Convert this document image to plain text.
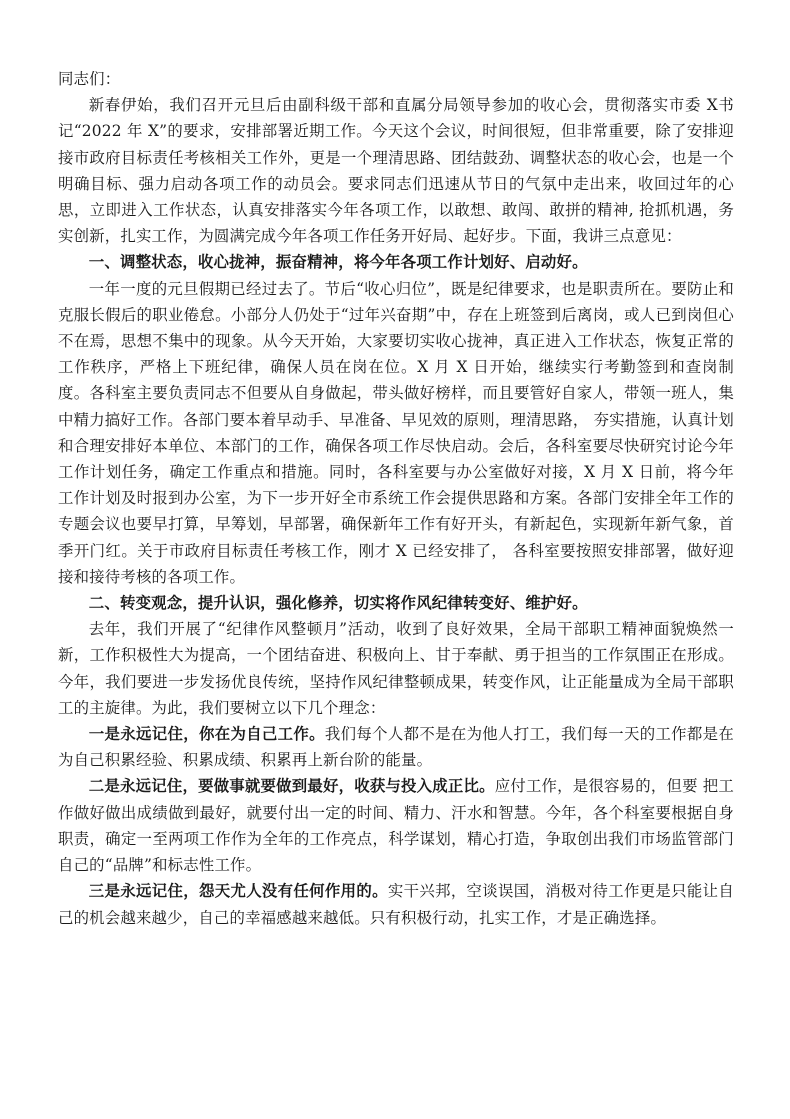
同志们：

新春伊始，我们召开元旦后由副科级干部和直属分局领导参加的收心会，贯彻落实市委 X书记“2022 年 X”的要求，安排部署近期工作。今天这个会议，时间很短，但非常重要，除了安排迎接市政府目标责任考核相关工作外，更是一个理清思路、团结鼓劲、调整状态的收心会，也是一个明确目标、强力启动各项工作的动员会。要求同志们迅速从节日的气氛中走出来，收回过年的心思，立即进入工作状态，认真安排落实今年各项工作，以敢想、敢闯、敢拼的精神, 抢抓机遇，务实创新，扎实工作，为圆满完成今年各项工作任务开好局、起好步。下面，我讲三点意见：

一、调整状态，收心拢神，振奋精神，将今年各项工作计划好、启动好。

一年一度的元旦假期已经过去了。节后“收心归位”，既是纪律要求，也是职责所在。要防止和克服长假后的职业倦怠。小部分人仍处于“过年兴奋期”中，存在上班签到后离岗，或人已到岗但心不在焉，思想不集中的现象。从今天开始，大家要切实收心拢神，真正进入工作状态，恢复正常的工作秩序，严格上下班纪律，确保人员在岗在位。X 月 X 日开始，继续实行考勤签到和查岗制度。各科室主要负责同志不但要从自身做起，带头做好榜样，而且要管好自家人，带领一班人，集中精力搞好工作。各部门要本着早动手、早准备、早见效的原则，理清思路， 夯实措施，认真计划和合理安排好本单位、本部门的工作，确保各项工作尽快启动。会后，各科室要尽快研究讨论今年工作计划任务，确定工作重点和措施。同时，各科室要与办公室做好对接，X 月 X 日前，将今年工作计划及时报到办公室，为下一步开好全市系统工作会提供思路和方案。各部门安排全年工作的专题会议也要早打算，早筹划，早部署，确保新年工作有好开头，有新起色，实现新年新气象，首季开门红。关于市政府目标责任考核工作，刚才 X 已经安排了， 各科室要按照安排部署，做好迎接和接待考核的各项工作。

二、转变观念，提升认识，强化修养，切实将作风纪律转变好、维护好。

去年，我们开展了“纪律作风整顿月”活动，收到了良好效果，全局干部职工精神面貌焕然一新，工作积极性大为提高，一个团结奋进、积极向上、甘于奉献、勇于担当的工作氛围正在形成。今年，我们要进一步发扬优良传统，坚持作风纪律整顿成果，转变作风，让正能量成为全局干部职工的主旋律。为此，我们要树立以下几个理念：

一是永远记住，你在为自己工作。我们每个人都不是在为他人打工，我们每一天的工作都是在为自己积累经验、积累成绩、积累再上新台阶的能量。

二是永远记住，要做事就要做到最好，收获与投入成正比。应付工作，是很容易的，但要 把工作做好做出成绩做到最好，就要付出一定的时间、精力、汗水和智慧。今年，各个科室要根据自身职责，确定一至两项工作作为全年的工作亮点，科学谋划，精心打造，争取创出我们市场监管部门自己的“品牌”和标志性工作。

三是永远记住，怨天尤人没有任何作用的。实干兴邦，空谈误国，消极对待工作更是只能让自己的机会越来越少，自己的幸福感越来越低。只有积极行动，扎实工作，才是正确选择。
